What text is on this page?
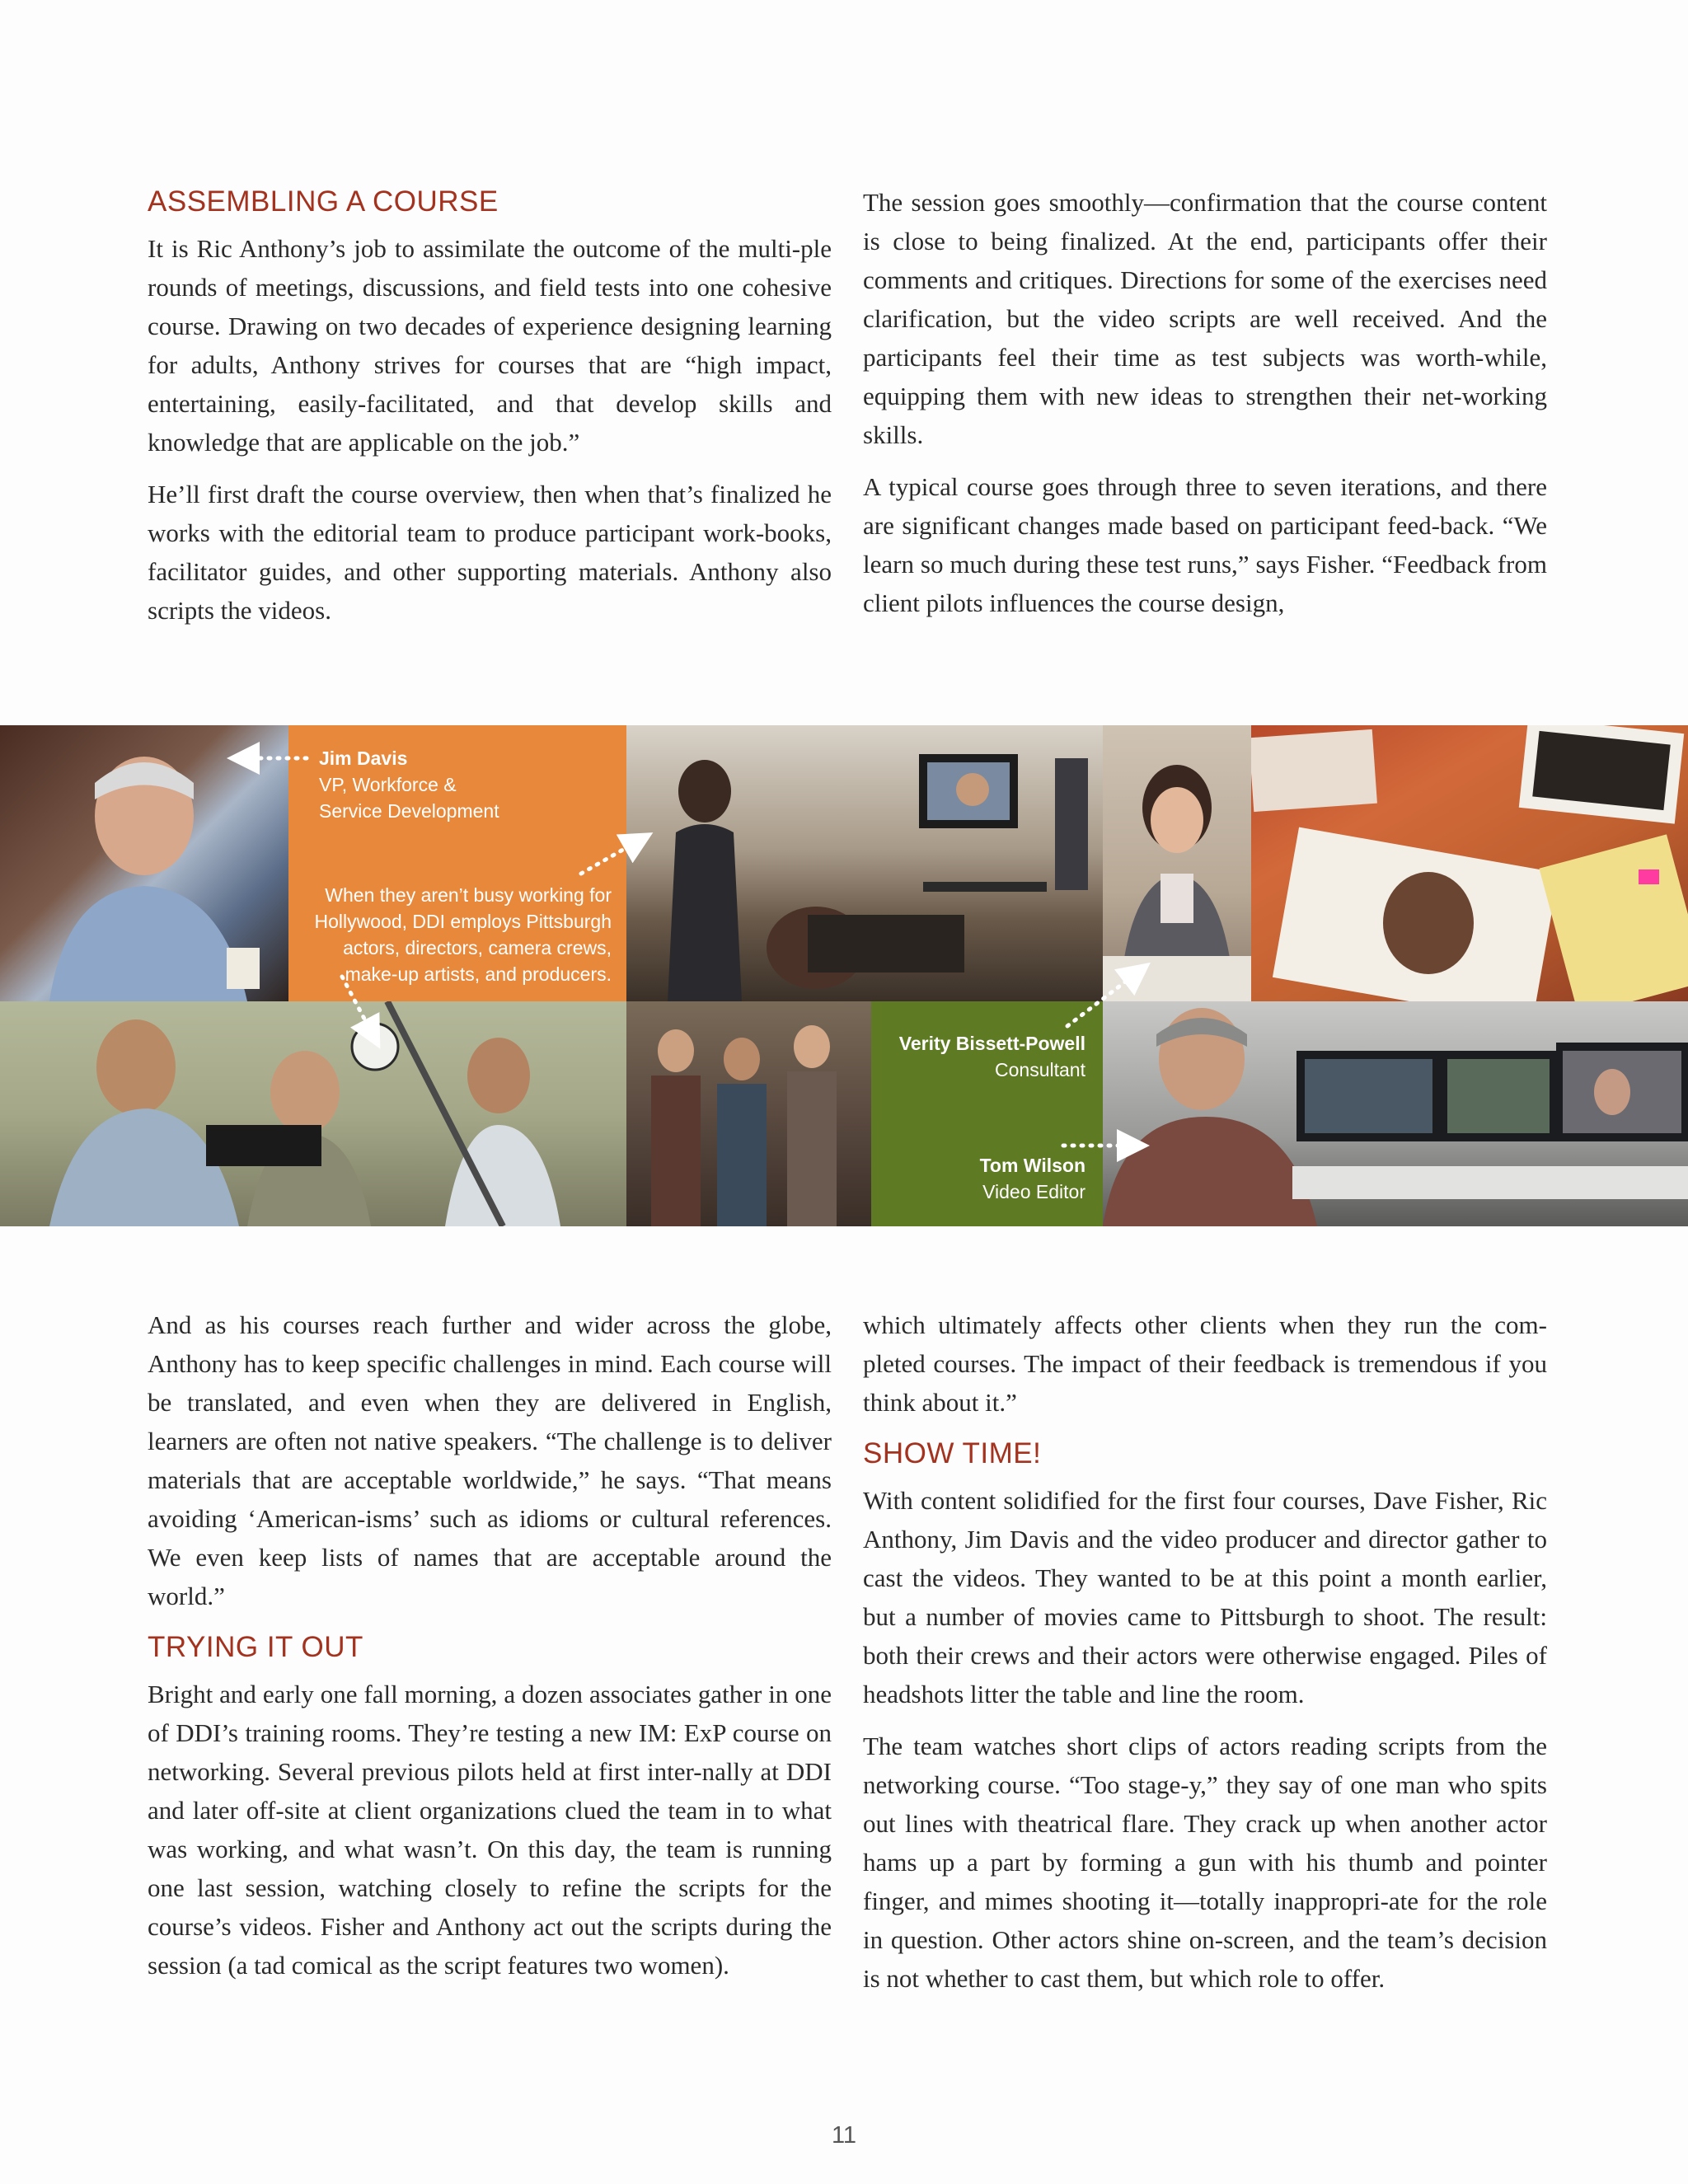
ASSEMBLING A COURSE

It is Ric Anthony’s job to assimilate the outcome of the multi-ple rounds of meetings, discussions, and field tests into one cohesive course. Drawing on two decades of experience designing learning for adults, Anthony strives for courses that are “high impact, entertaining, easily-facilitated, and that develop skills and knowledge that are applicable on the job.”

He’ll first draft the course overview, then when that’s finalized he works with the editorial team to produce participant work-books, facilitator guides, and other supporting materials. Anthony also scripts the videos.

The session goes smoothly—confirmation that the course content is close to being finalized. At the end, participants offer their comments and critiques. Directions for some of the exercises need clarification, but the video scripts are well received. And the participants feel their time as test subjects was worth-while, equipping them with new ideas to strengthen their net-working skills.

A typical course goes through three to seven iterations, and there are significant changes made based on participant feed-back. “We learn so much during these test runs,” says Fisher. “Feedback from client pilots influences the course design,

Jim Davis
VP, Workforce &
Service Development
When they aren’t busy working for
Hollywood, DDI employs Pittsburgh
actors, directors, camera crews,
make-up artists, and producers.
Verity Bissett-Powell
Consultant
Tom Wilson
Video Editor

And as his courses reach further and wider across the globe, Anthony has to keep specific challenges in mind. Each course will be translated, and even when they are delivered in English, learners are often not native speakers. “The challenge is to deliver materials that are acceptable worldwide,” he says. “That means avoiding ‘American-isms’ such as idioms or cultural references. We even keep lists of names that are acceptable around the world.”

TRYING IT OUT

Bright and early one fall morning, a dozen associates gather in one of DDI’s training rooms. They’re testing a new IM: ExP course on networking. Several previous pilots held at first inter-nally at DDI and later off-site at client organizations clued the team in to what was working, and what wasn’t. On this day, the team is running one last session, watching closely to refine the scripts for the course’s videos. Fisher and Anthony act out the scripts during the session (a tad comical as the script features two women).

which ultimately affects other clients when they run the com-pleted courses. The impact of their feedback is tremendous if you think about it.”

SHOW TIME!

With content solidified for the first four courses, Dave Fisher, Ric Anthony, Jim Davis and the video producer and director gather to cast the videos. They wanted to be at this point a month earlier, but a number of movies came to Pittsburgh to shoot. The result: both their crews and their actors were otherwise engaged. Piles of headshots litter the table and line the room.

The team watches short clips of actors reading scripts from the networking course. “Too stage-y,” they say of one man who spits out lines with theatrical flare. They crack up when another actor hams up a part by forming a gun with his thumb and pointer finger, and mimes shooting it—totally inappropri-ate for the role in question. Other actors shine on-screen, and the team’s decision is not whether to cast them, but which role to offer.

11
